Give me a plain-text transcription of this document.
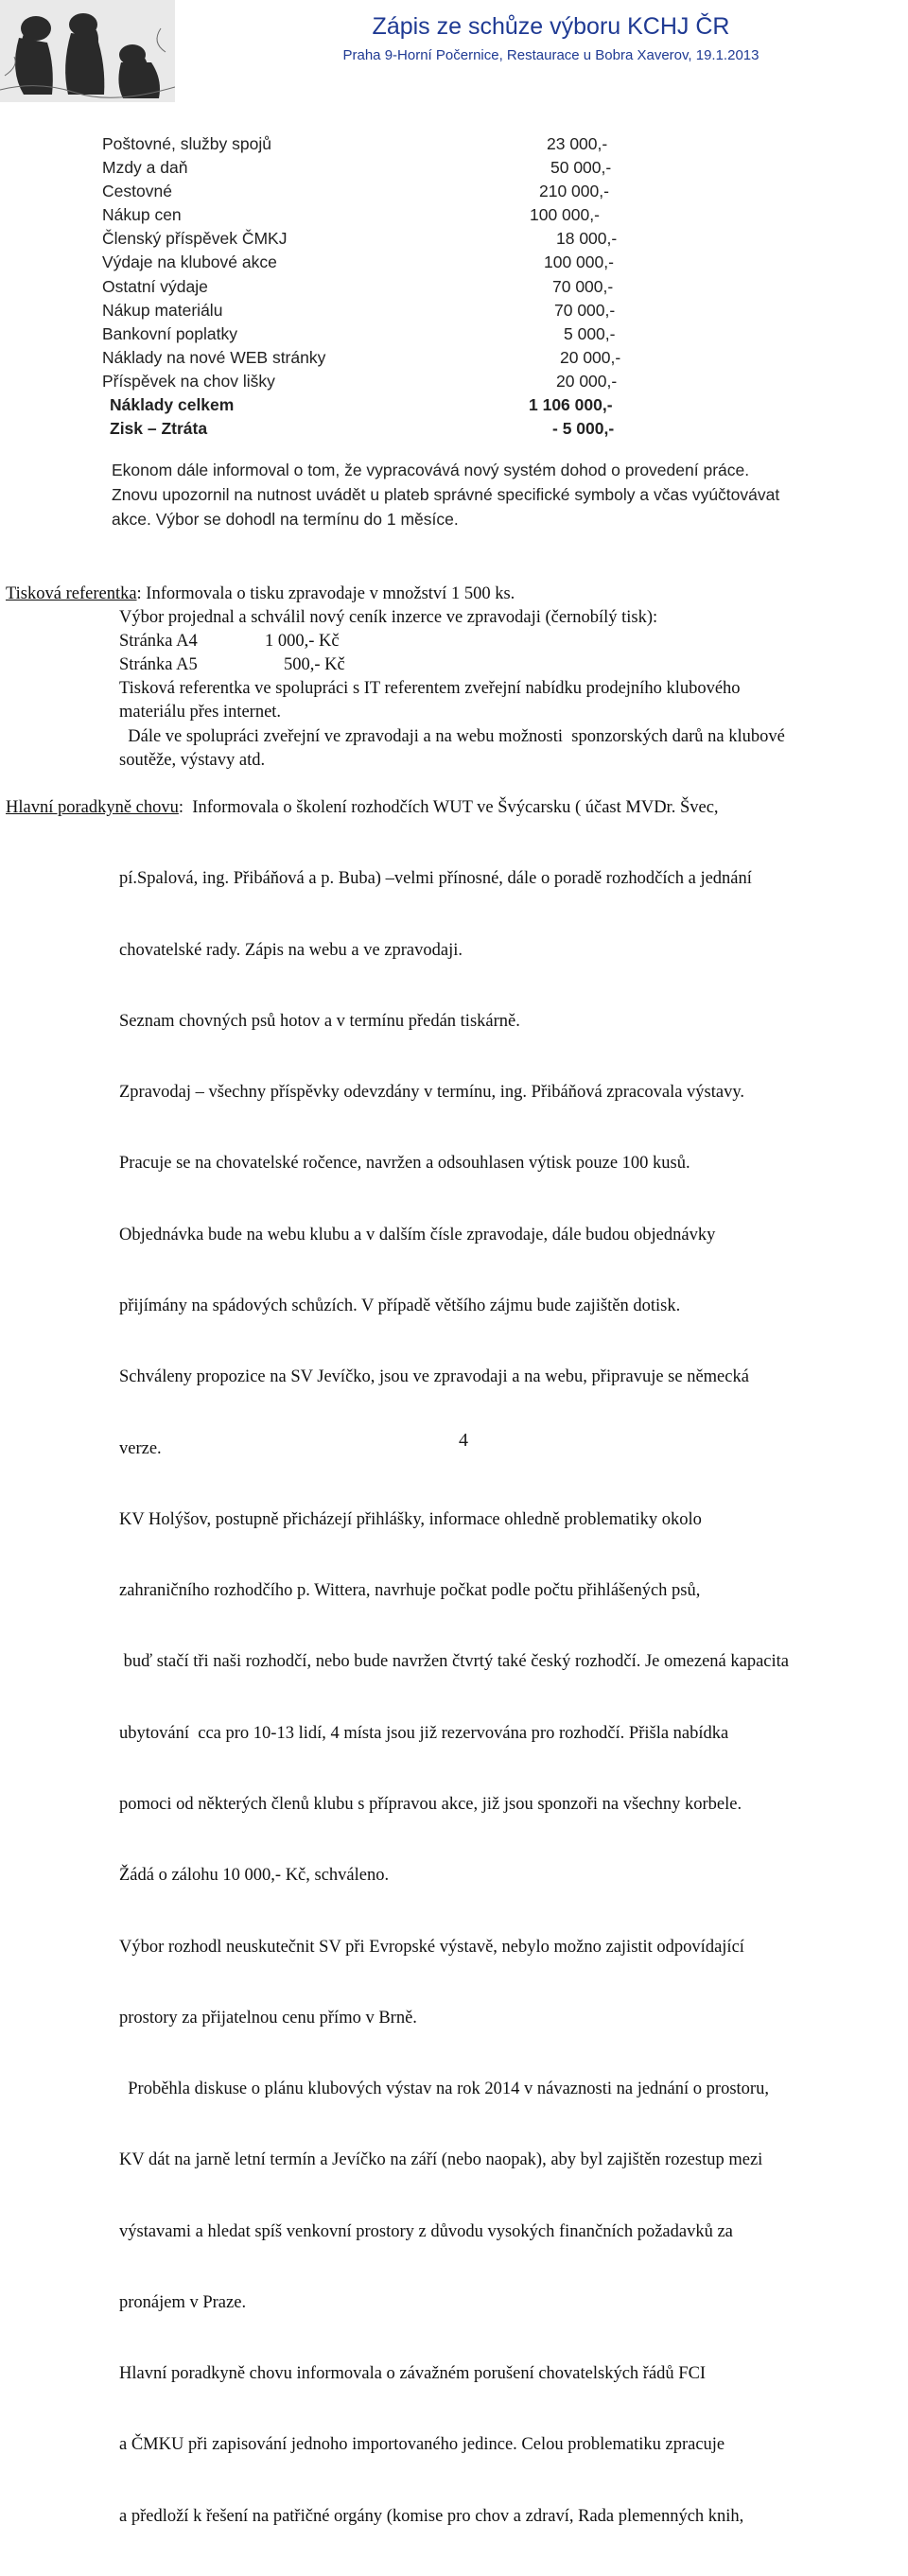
Zápis ze schůze výboru KCHJ ČR
Praha 9-Horní Počernice, Restaurace u Bobra Xaverov, 19.1.2013
Poštovné, služby spojů	23 000,-
Mzdy a daň	50 000,-
Cestovné	210 000,-
Nákup cen	100 000,-
Členský příspěvek ČMKJ	18 000,-
Výdaje na klubové akce	100 000,-
Ostatní výdaje	70 000,-
Nákup materiálu	70 000,-
Bankovní poplatky	5 000,-
Náklady na nové WEB stránky	20 000,-
Příspěvek na chov lišky	20 000,-
Náklady celkem	1 106 000,-
Zisk – Ztráta	- 5 000,-
Ekonom dále informoval o tom, že vypracovává nový systém dohod o provedení práce.
Znovu upozornil na nutnost uvádět u plateb správné specifické symboly a včas vyúčtovávat
akce. Výbor se dohodl na termínu do 1 měsíce.

Tisková referentka: Informovala o tisku zpravodaje v množství 1 500 ks.

Výbor projednal a schválil nový ceník inzerce ve zpravodaji (černobílý tisk):

Stránka A4	1 000,- Kč

Stránka A5	500,- Kč

Tisková referentka ve spolupráci s IT referentem zveřejní nabídku prodejního klubového

materiálu přes internet.

Dále ve spolupráci zveřejní ve zpravodaji a na webu možnosti  sponzorských darů na klubové

soutěže, výstavy atd.

Hlavní poradkyně chovu:  Informovala o školení rozhodčích WUT ve Švýcarsku ( účast MVDr. Švec,

pí.Spalová, ing. Přibáňová a p. Buba) –velmi přínosné, dále o poradě rozhodčích a jednání

chovatelské rady. Zápis na webu a ve zpravodaji.

Seznam chovných psů hotov a v termínu předán tiskárně.

Zpravodaj – všechny příspěvky odevzdány v termínu, ing. Přibáňová zpracovala výstavy.

Pracuje se na chovatelské ročence, navržen a odsouhlasen výtisk pouze 100 kusů.

Objednávka bude na webu klubu a v dalším čísle zpravodaje, dále budou objednávky

přijímány na spádových schůzích. V případě většího zájmu bude zajištěn dotisk.

Schváleny propozice na SV Jevíčko, jsou ve zpravodaji a na webu, připravuje se německá

verze.

KV Holýšov, postupně přicházejí přihlášky, informace ohledně problematiky okolo

zahraničního rozhodčího p. Wittera, navrhuje počkat podle počtu přihlášených psů,

buď stačí tři naši rozhodčí, nebo bude navržen čtvrtý také český rozhodčí. Je omezená kapacita

ubytování  cca pro 10-13 lidí, 4 místa jsou již rezervována pro rozhodčí. Přišla nabídka

pomoci od některých členů klubu s přípravou akce, již jsou sponzoři na všechny korbele.

Žádá o zálohu 10 000,- Kč, schváleno.

Výbor rozhodl neuskutečnit SV při Evropské výstavě, nebylo možno zajistit odpovídající

prostory za přijatelnou cenu přímo v Brně.

Proběhla diskuse o plánu klubových výstav na rok 2014 v návaznosti na jednání o prostoru,

KV dát na jarně letní termín a Jevíčko na září (nebo naopak), aby byl zajištěn rozestup mezi

výstavami a hledat spíš venkovní prostory z důvodu vysokých finančních požadavků za

pronájem v Praze.

Hlavní poradkyně chovu informovala o závažném porušení chovatelských řádů FCI

a ČMKU při zapisování jednoho importovaného jedince. Celou problematiku zpracuje

a předloží k řešení na patřičné orgány (komise pro chov a zdraví, Rada plemenných knih,

4
